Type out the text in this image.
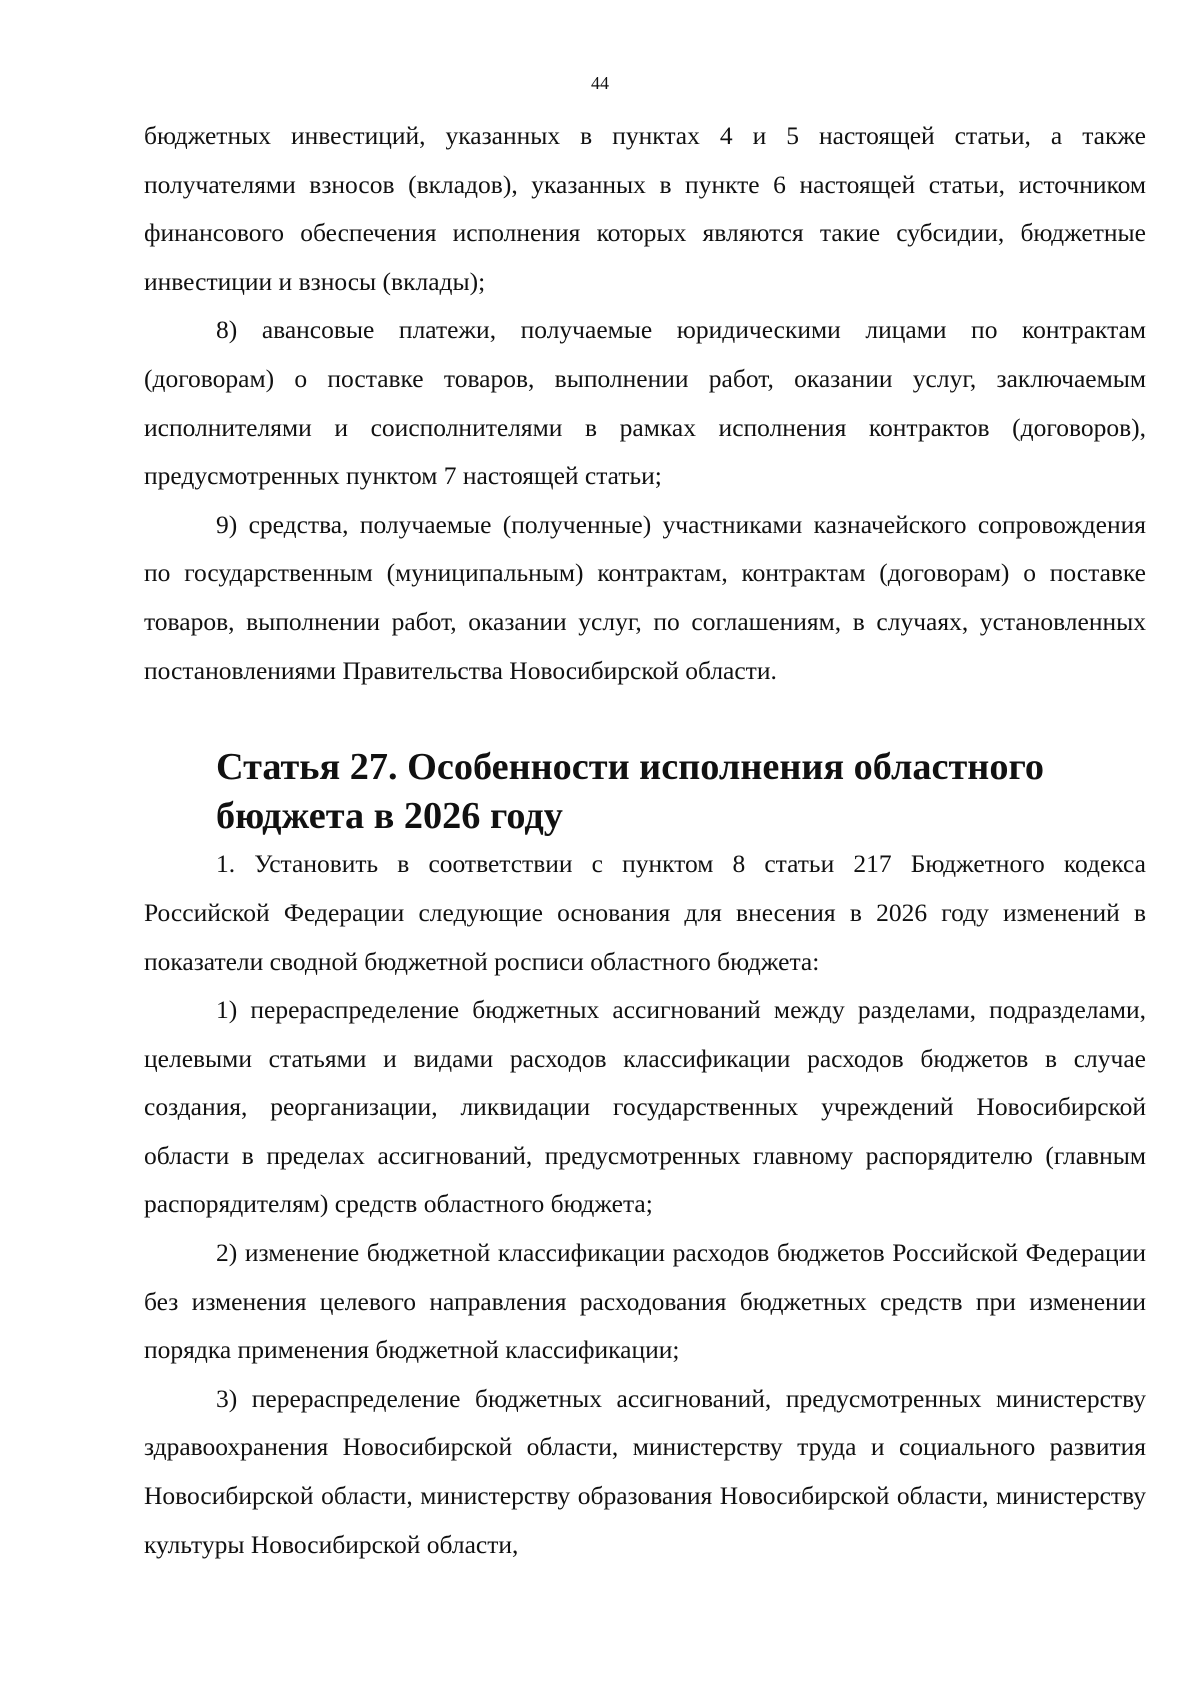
44

бюджетных инвестиций, указанных в пунктах 4 и 5 настоящей статьи, а также получателями взносов (вкладов), указанных в пункте 6 настоящей статьи, источником финансового обеспечения исполнения которых являются такие субсидии, бюджетные инвестиции и взносы (вклады);

8) авансовые платежи, получаемые юридическими лицами по контрактам (договорам) о поставке товаров, выполнении работ, оказании услуг, заключаемым исполнителями и соисполнителями в рамках исполнения контрактов (договоров), предусмотренных пунктом 7 настоящей статьи;

9) средства, получаемые (полученные) участниками казначейского сопровождения по государственным (муниципальным) контрактам, контрактам (договорам) о поставке товаров, выполнении работ, оказании услуг, по соглашениям, в случаях, установленных постановлениями Правительства Новосибирской области.

Статья 27. Особенности исполнения областного бюджета в 2026 году

1. Установить в соответствии с пунктом 8 статьи 217 Бюджетного кодекса Российской Федерации следующие основания для внесения в 2026 году изменений в показатели сводной бюджетной росписи областного бюджета:

1) перераспределение бюджетных ассигнований между разделами, подразделами, целевыми статьями и видами расходов классификации расходов бюджетов в случае создания, реорганизации, ликвидации государственных учреждений Новосибирской области в пределах ассигнований, предусмотренных главному распорядителю (главным распорядителям) средств областного бюджета;

2) изменение бюджетной классификации расходов бюджетов Российской Федерации без изменения целевого направления расходования бюджетных средств при изменении порядка применения бюджетной классификации;

3) перераспределение бюджетных ассигнований, предусмотренных министерству здравоохранения Новосибирской области, министерству труда и социального развития Новосибирской области, министерству образования Новосибирской области, министерству культуры Новосибирской области,
